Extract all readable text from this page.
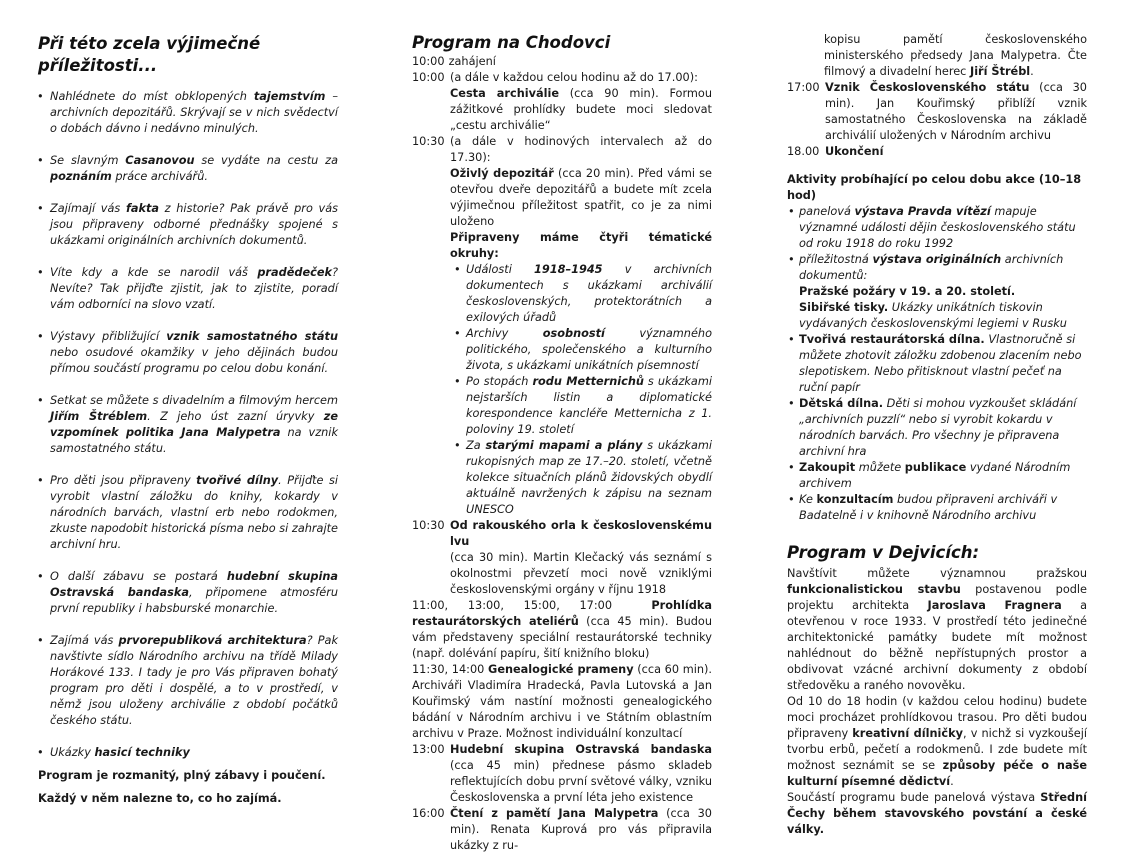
Při této zcela výjimečné příležitosti...
• Nahlédnete do míst obklopených tajemstvím – archivních depozitářů. Skrývají se v nich svědectví o dobách dávno i nedávno minulých.
• Se slavným Casanovou se vydáte na cestu za poznáním práce archivářů.
• Zajímají vás fakta z historie? Pak právě pro vás jsou připraveny odborné přednášky spojené s ukázkami originálních archivních dokumentů.
• Víte kdy a kde se narodil váš pradědeček? Nevíte? Tak přijďte zjistit, jak to zjistite, poradí vám odborníci na slovo vzatí.
• Výstavy přibližující vznik samostatného státu nebo osudové okamžiky v jeho dějinách budou přímou součástí programu po celou dobu konání.
• Setkat se můžete s divadelním a filmovým hercem Jiřím Štréblem. Z jeho úst zazní úryvky ze vzpomínek politika Jana Malypetra na vznik samostatného státu.
• Pro děti jsou připraveny tvořivé dílny. Přijďte si vyrobit vlastní záložku do knihy, kokardy v národních barvách, vlastní erb nebo rodokmen, zkuste napodobit historická písma nebo si zahrajte archivní hru.
• O další zábavu se postará hudební skupina Ostravská bandaska, připomene atmosféru první republiky i habsburské monarchie.
• Zajímá vás prvorepubliková architektura? Pak navštivte sídlo Národního archivu na třídě Milady Horákové 133. I tady je pro Vás připraven bohatý program pro děti i dospělé, a to v prostředí, v němž jsou uloženy archiválie z období počátků českého státu.
• Ukázky hasicí techniky

Program je rozmanitý, plný zábavy i poučení.

Každý v něm nalezne to, co ho zajímá.

Program na Chodovci
10:00 zahájení
10:00 (a dále v každou celou hodinu až do 17.00):
Cesta archiválie (cca 90 min). Formou zážitkové prohlídky budete moci sledovat „cestu archiválie“
10:30 (a dále v hodinových intervalech až do 17.30):
Oživlý depozitář (cca 20 min). Před vámi se otevřou dveře depozitářů a budete mít zcela výjimečnou příležitost spatřit, co je za nimi uloženo
Připraveny máme čtyři tématické okruhy:
• Události 1918–1945 v archivních dokumentech s ukázkami archiválií československých, protektorátních a exilových úřadů
• Archivy osobností významného politického, společenského a kulturního života, s ukázkami unikátních písemností
• Po stopách rodu Metternichů s ukázkami nejstarších listin a diplomatické korespondence kancléře Metternicha z 1. poloviny 19. století
• Za starými mapami a plány s ukázkami rukopisných map ze 17.–20. století, včetně kolekce situačních plánů židovských obydlí aktuálně navržených k zápisu na seznam UNESCO
10:30 Od rakouského orla k československému lvu
(cca 30 min). Martin Klečacký vás seznámí s okolnostmi převzetí moci nově vzniklými československými orgány v říjnu 1918
11:00, 13:00, 15:00, 17:00	Prohlídka restaurátorských ateliérů (cca 45 min). Budou vám představeny speciální restaurátorské techniky (např. dolévání papíru, šití knižního bloku)
11:30, 14:00 Genealogické prameny (cca 60 min). Archiváři Vladimíra Hradecká, Pavla Lutovská a Jan Kouřimský vám nastíní možnosti genealogického bádání v Národním archivu i ve Státním oblastním archivu v Praze. Možnost individuální konzultací
13:00 Hudební skupina Ostravská bandaska (cca 45 min) přednese pásmo skladeb reflektujících dobu první světové války, vzniku Československa a první léta jeho existence
16:00 Čtení z pamětí Jana Malypetra (cca 30 min). Renata Kuprová pro vás připravila ukázky z ru-
kopisu pamětí československého ministerského předsedy Jana Malypetra. Čte filmový a divadelní herec Jiří Štrébl.
17:00 Vznik Československého státu (cca 30 min). Jan Kouřimský přiblíží vznik samostatného Československa na základě archiválií uložených v Národním archivu
18.00 Ukončení

Aktivity probíhající po celou dobu akce (10–18 hod)

• panelová výstava Pravda vítězí mapuje významné události dějin československého státu od roku 1918 do roku 1992
• příležitostná výstava originálních archivních dokumentů:
Pražské požáry v 19. a 20. století.
Sibiřské tisky. Ukázky unikátních tiskovin vydávaných československými legiemi v Rusku
• Tvořivá restaurátorská dílna. Vlastnoručně si můžete zhotovit záložku zdobenou zlacením nebo slepotiskem. Nebo přitisknout vlastní pečeť na ruční papír
• Dětská dílna. Děti si mohou vyzkoušet skládání „archivních puzzlí“ nebo si vyrobit kokardu v národních barvách. Pro všechny je připravena archivní hra
• Zakoupit můžete publikace vydané Národním archivem
• Ke konzultacím budou připraveni archiváři v Badatelně i v knihovně Národního archivu
Program v Dejvicích:

Navštívit můžete významnou pražskou funkcionalistickou stavbu postavenou podle projektu architekta Jaroslava Fragnera a otevřenou v roce 1933. V prostředí této jedinečné architektonické památky budete mít možnost nahlédnout do běžně nepřístupných prostor a obdivovat vzácné archivní dokumenty z období středověku a raného novověku.

Od 10 do 18 hodin (v každou celou hodinu) budete moci procházet prohlídkovou trasou. Pro děti budou připraveny kreativní dílničky, v nichž si vyzkoušejí tvorbu erbů, pečetí a rodokmenů. I zde budete mít možnost seznámit se se způsoby péče o naše kulturní písemné dědictví.

Součástí programu bude panelová výstava Střední Čechy během stavovského povstání a české války.
